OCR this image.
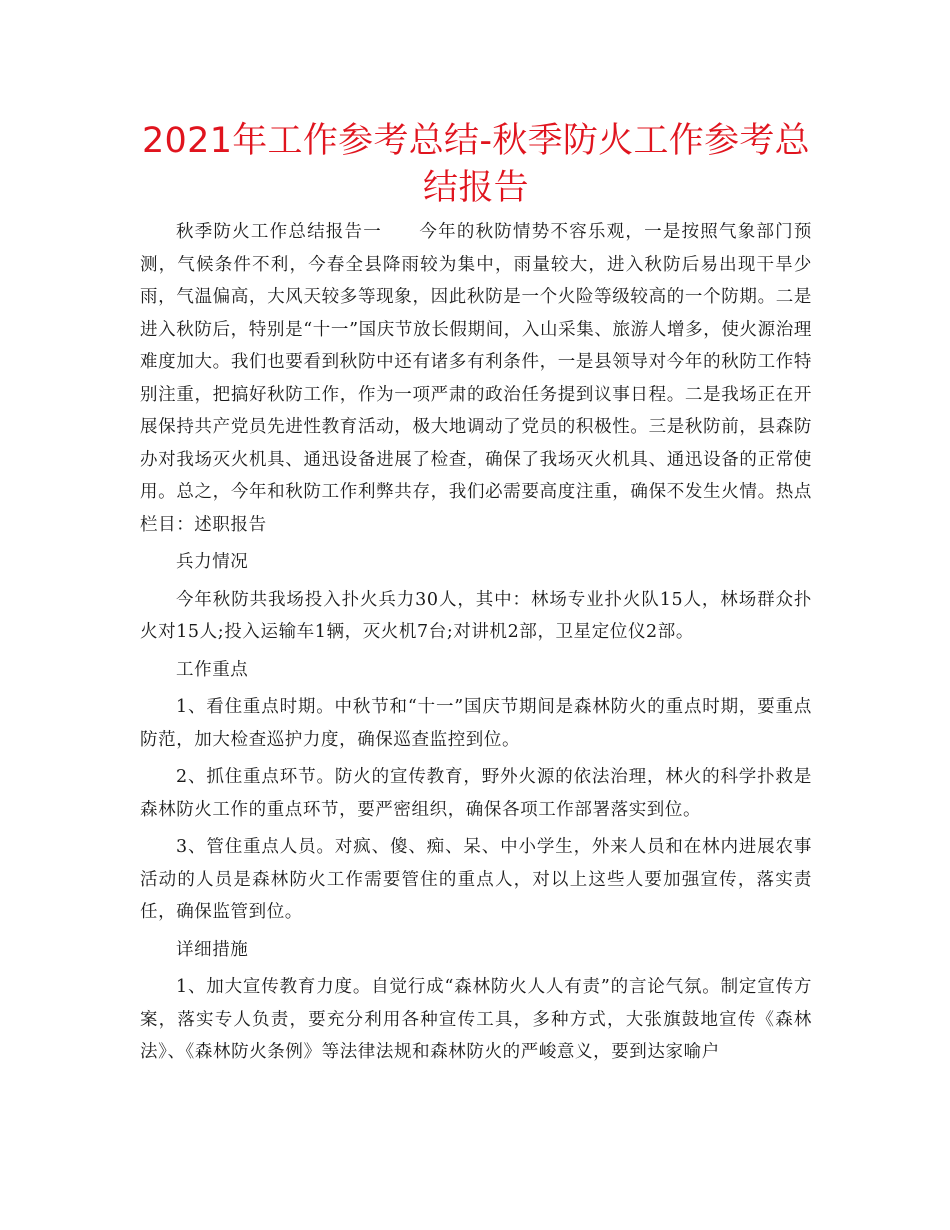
2021年工作参考总结-秋季防火工作参考总结报告

秋季防火工作总结报告一　　今年的秋防情势不容乐观，一是按照气象部门预测，气候条件不利，今春全县降雨较为集中，雨量较大，进入秋防后易出现干旱少雨，气温偏高，大风天较多等现象，因此秋防是一个火险等级较高的一个防期。二是进入秋防后，特别是“十一”国庆节放长假期间，入山采集、旅游人增多，使火源治理难度加大。我们也要看到秋防中还有诸多有利条件，一是县领导对今年的秋防工作特别注重，把搞好秋防工作，作为一项严肃的政治任务提到议事日程。二是我场正在开展保持共产党员先进性教育活动，极大地调动了党员的积极性。三是秋防前，县森防办对我场灭火机具、通迅设备进展了检查，确保了我场灭火机具、通迅设备的正常使用。总之，今年和秋防工作利弊共存，我们必需要高度注重，确保不发生火情。热点栏目：述职报告

兵力情况

今年秋防共我场投入扑火兵力30人，其中：林场专业扑火队15人，林场群众扑火对15人;投入运输车1辆，灭火机7台;对讲机2部，卫星定位仪2部。

工作重点

1、看住重点时期。中秋节和“十一”国庆节期间是森林防火的重点时期，要重点防范，加大检查巡护力度，确保巡查监控到位。

2、抓住重点环节。防火的宣传教育，野外火源的依法治理，林火的科学扑救是森林防火工作的重点环节，要严密组织，确保各项工作部署落实到位。

3、管住重点人员。对疯、傻、痴、呆、中小学生，外来人员和在林内进展农事活动的人员是森林防火工作需要管住的重点人，对以上这些人要加强宣传，落实责任，确保监管到位。

详细措施

1、加大宣传教育力度。自觉行成“森林防火人人有责”的言论气氛。制定宣传方案，落实专人负责，要充分利用各种宣传工具，多种方式，大张旗鼓地宣传《森林法》、《森林防火条例》等法律法规和森林防火的严峻意义，要到达家喻户
